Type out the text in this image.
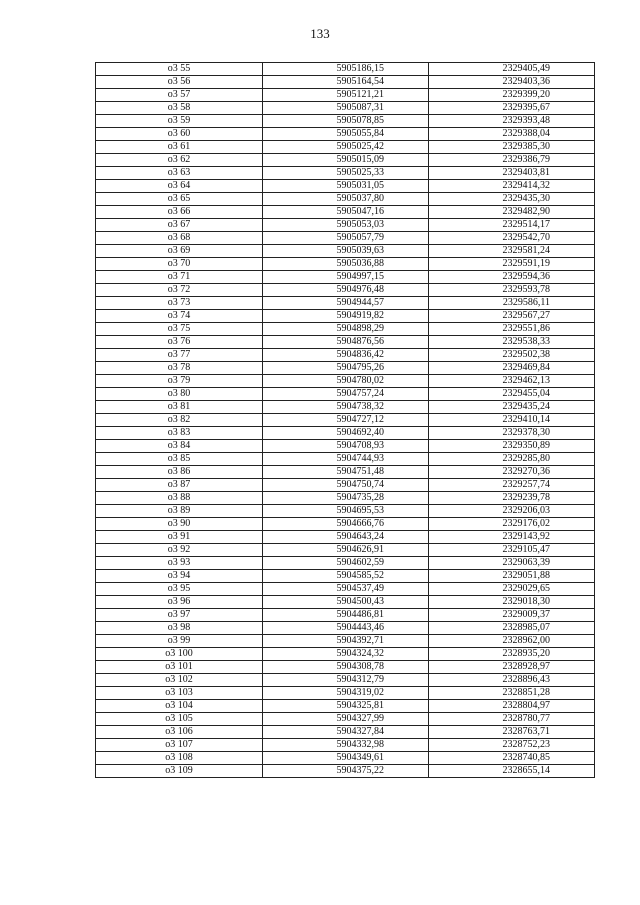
133
о3 55	5905186,15	2329405,49
о3 56	5905164,54	2329403,36
о3 57	5905121,21	2329399,20
о3 58	5905087,31	2329395,67
о3 59	5905078,85	2329393,48
о3 60	5905055,84	2329388,04
о3 61	5905025,42	2329385,30
о3 62	5905015,09	2329386,79
о3 63	5905025,33	2329403,81
о3 64	5905031,05	2329414,32
о3 65	5905037,80	2329435,30
о3 66	5905047,16	2329482,90
о3 67	5905053,03	2329514,17
о3 68	5905057,79	2329542,70
о3 69	5905039,63	2329581,24
о3 70	5905036,88	2329591,19
о3 71	5904997,15	2329594,36
о3 72	5904976,48	2329593,78
о3 73	5904944,57	2329586,11
о3 74	5904919,82	2329567,27
о3 75	5904898,29	2329551,86
о3 76	5904876,56	2329538,33
о3 77	5904836,42	2329502,38
о3 78	5904795,26	2329469,84
о3 79	5904780,02	2329462,13
о3 80	5904757,24	2329455,04
о3 81	5904738,32	2329435,24
о3 82	5904727,12	2329410,14
о3 83	5904692,40	2329378,30
о3 84	5904708,93	2329350,89
о3 85	5904744,93	2329285,80
о3 86	5904751,48	2329270,36
о3 87	5904750,74	2329257,74
о3 88	5904735,28	2329239,78
о3 89	5904695,53	2329206,03
о3 90	5904666,76	2329176,02
о3 91	5904643,24	2329143,92
о3 92	5904626,91	2329105,47
о3 93	5904602,59	2329063,39
о3 94	5904585,52	2329051,88
о3 95	5904537,49	2329029,65
о3 96	5904500,43	2329018,30
о3 97	5904486,81	2329009,37
о3 98	5904443,46	2328985,07
о3 99	5904392,71	2328962,00
о3 100	5904324,32	2328935,20
о3 101	5904308,78	2328928,97
о3 102	5904312,79	2328896,43
о3 103	5904319,02	2328851,28
о3 104	5904325,81	2328804,97
о3 105	5904327,99	2328780,77
о3 106	5904327,84	2328763,71
о3 107	5904332,98	2328752,23
о3 108	5904349,61	2328740,85
о3 109	5904375,22	2328655,14
